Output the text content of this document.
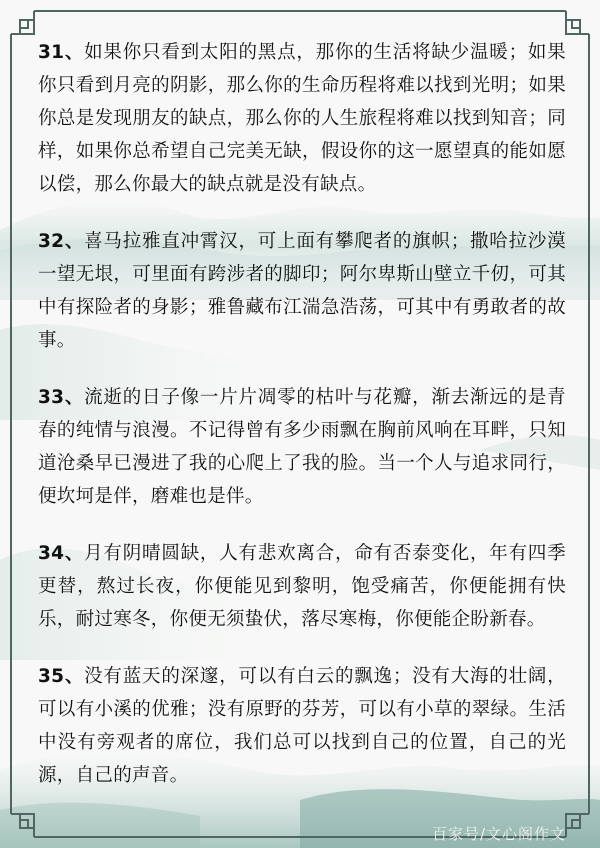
31、如果你只看到太阳的黑点，那你的生活将缺少温暖；如果你只看到月亮的阴影，那么你的生命历程将难以找到光明；如果你总是发现朋友的缺点，那么你的人生旅程将难以找到知音；同样，如果你总希望自己完美无缺，假设你的这一愿望真的能如愿以偿，那么你最大的缺点就是没有缺点。

32、喜马拉雅直冲霄汉，可上面有攀爬者的旗帜；撒哈拉沙漠一望无垠，可里面有跨涉者的脚印；阿尔卑斯山壁立千仞，可其中有探险者的身影；雅鲁藏布江湍急浩荡，可其中有勇敢者的故事。

33、流逝的日子像一片片凋零的枯叶与花瓣，渐去渐远的是青春的纯情与浪漫。不记得曾有多少雨飘在胸前风响在耳畔，只知道沧桑早已漫进了我的心爬上了我的脸。当一个人与追求同行，便坎坷是伴，磨难也是伴。

34、月有阴晴圆缺，人有悲欢离合，命有否泰变化，年有四季更替，熬过长夜，你便能见到黎明，饱受痛苦，你便能拥有快乐，耐过寒冬，你便无须蛰伏，落尽寒梅，你便能企盼新春。

35、没有蓝天的深邃，可以有白云的飘逸；没有大海的壮阔，可以有小溪的优雅；没有原野的芬芳，可以有小草的翠绿。生活中没有旁观者的席位，我们总可以找到自己的位置，自己的光源，自己的声音。

百家号/文心阁作文
